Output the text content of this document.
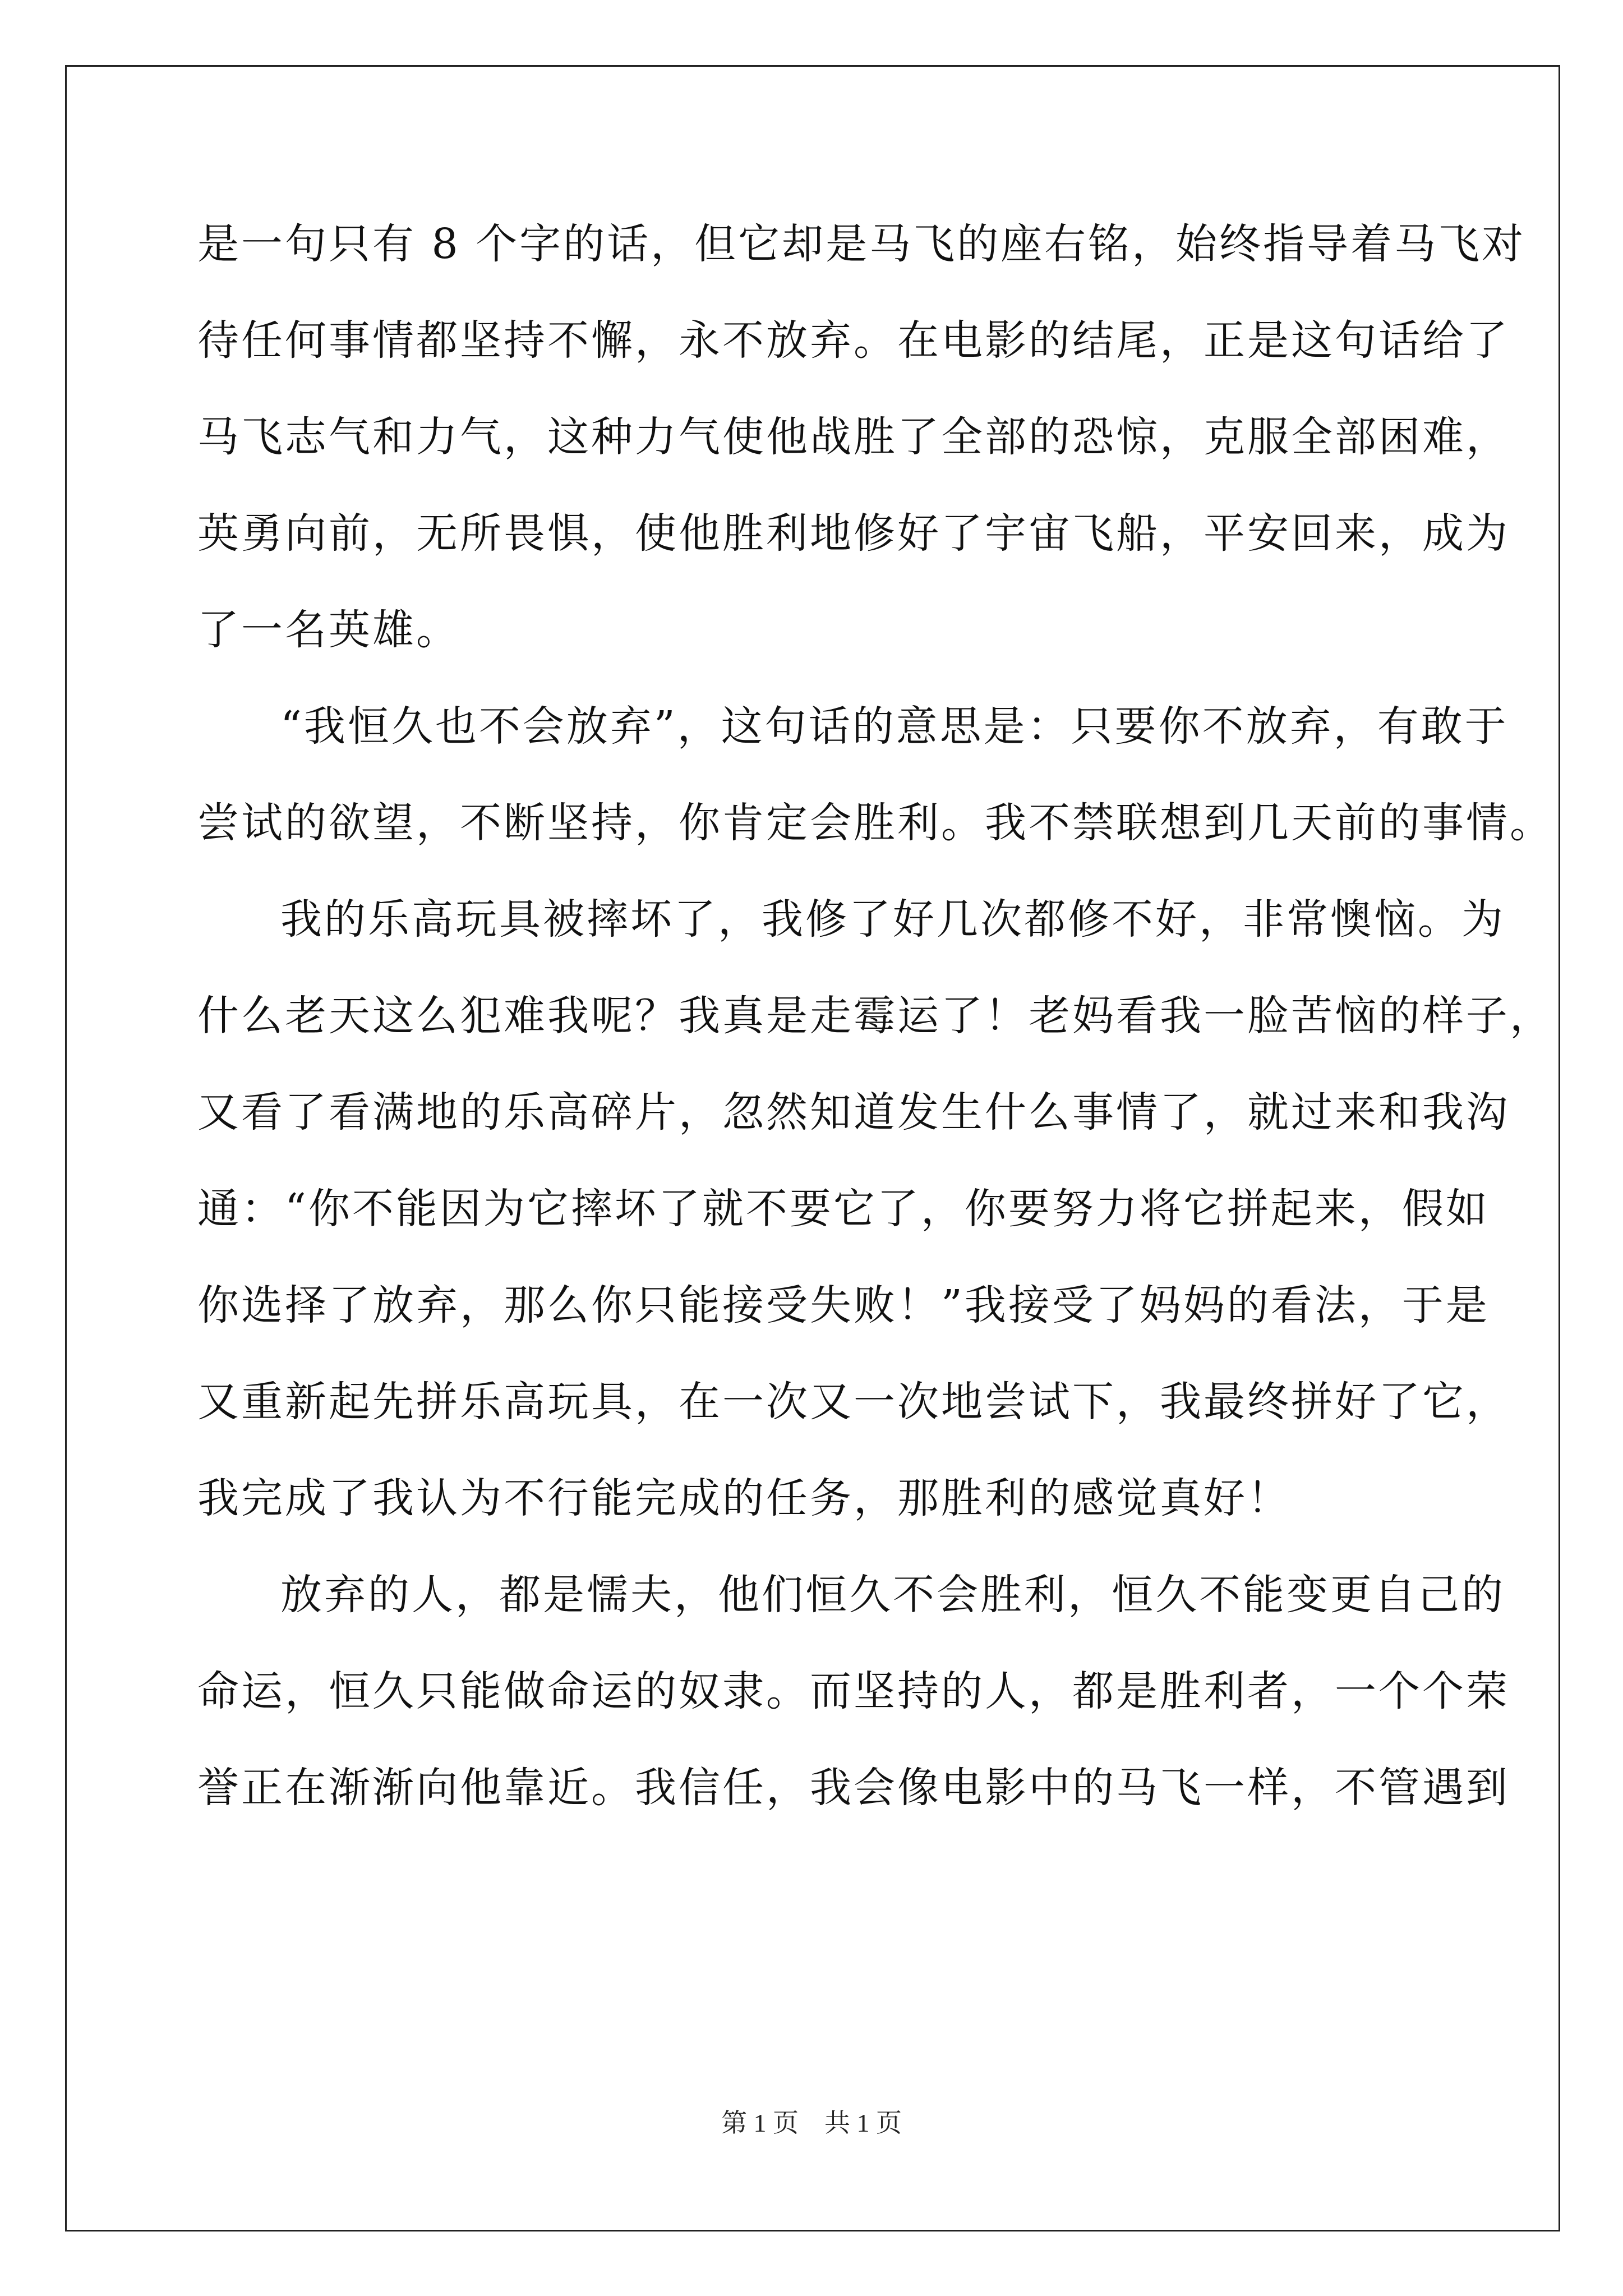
是一句只有 8 个字的话，但它却是马飞的座右铭，始终指导着马飞对
待任何事情都坚持不懈，永不放弃。在电影的结尾，正是这句话给了
马飞志气和力气，这种力气使他战胜了全部的恐惊，克服全部困难，
英勇向前，无所畏惧，使他胜利地修好了宇宙飞船，平安回来，成为
了一名英雄。
“我恒久也不会放弃”，这句话的意思是：只要你不放弃，有敢于
尝试的欲望，不断坚持，你肯定会胜利。我不禁联想到几天前的事情。
我的乐高玩具被摔坏了，我修了好几次都修不好，非常懊恼。为
什么老天这么犯难我呢？我真是走霉运了！老妈看我一脸苦恼的样子，
又看了看满地的乐高碎片，忽然知道发生什么事情了，就过来和我沟
通：“你不能因为它摔坏了就不要它了，你要努力将它拼起来，假如
你选择了放弃，那么你只能接受失败！”我接受了妈妈的看法，于是
又重新起先拼乐高玩具，在一次又一次地尝试下，我最终拼好了它，
我完成了我认为不行能完成的任务，那胜利的感觉真好！
放弃的人，都是懦夫，他们恒久不会胜利，恒久不能变更自己的
命运，恒久只能做命运的奴隶。而坚持的人，都是胜利者，一个个荣
誉正在渐渐向他靠近。我信任，我会像电影中的马飞一样，不管遇到
第 1 页 共 1 页
